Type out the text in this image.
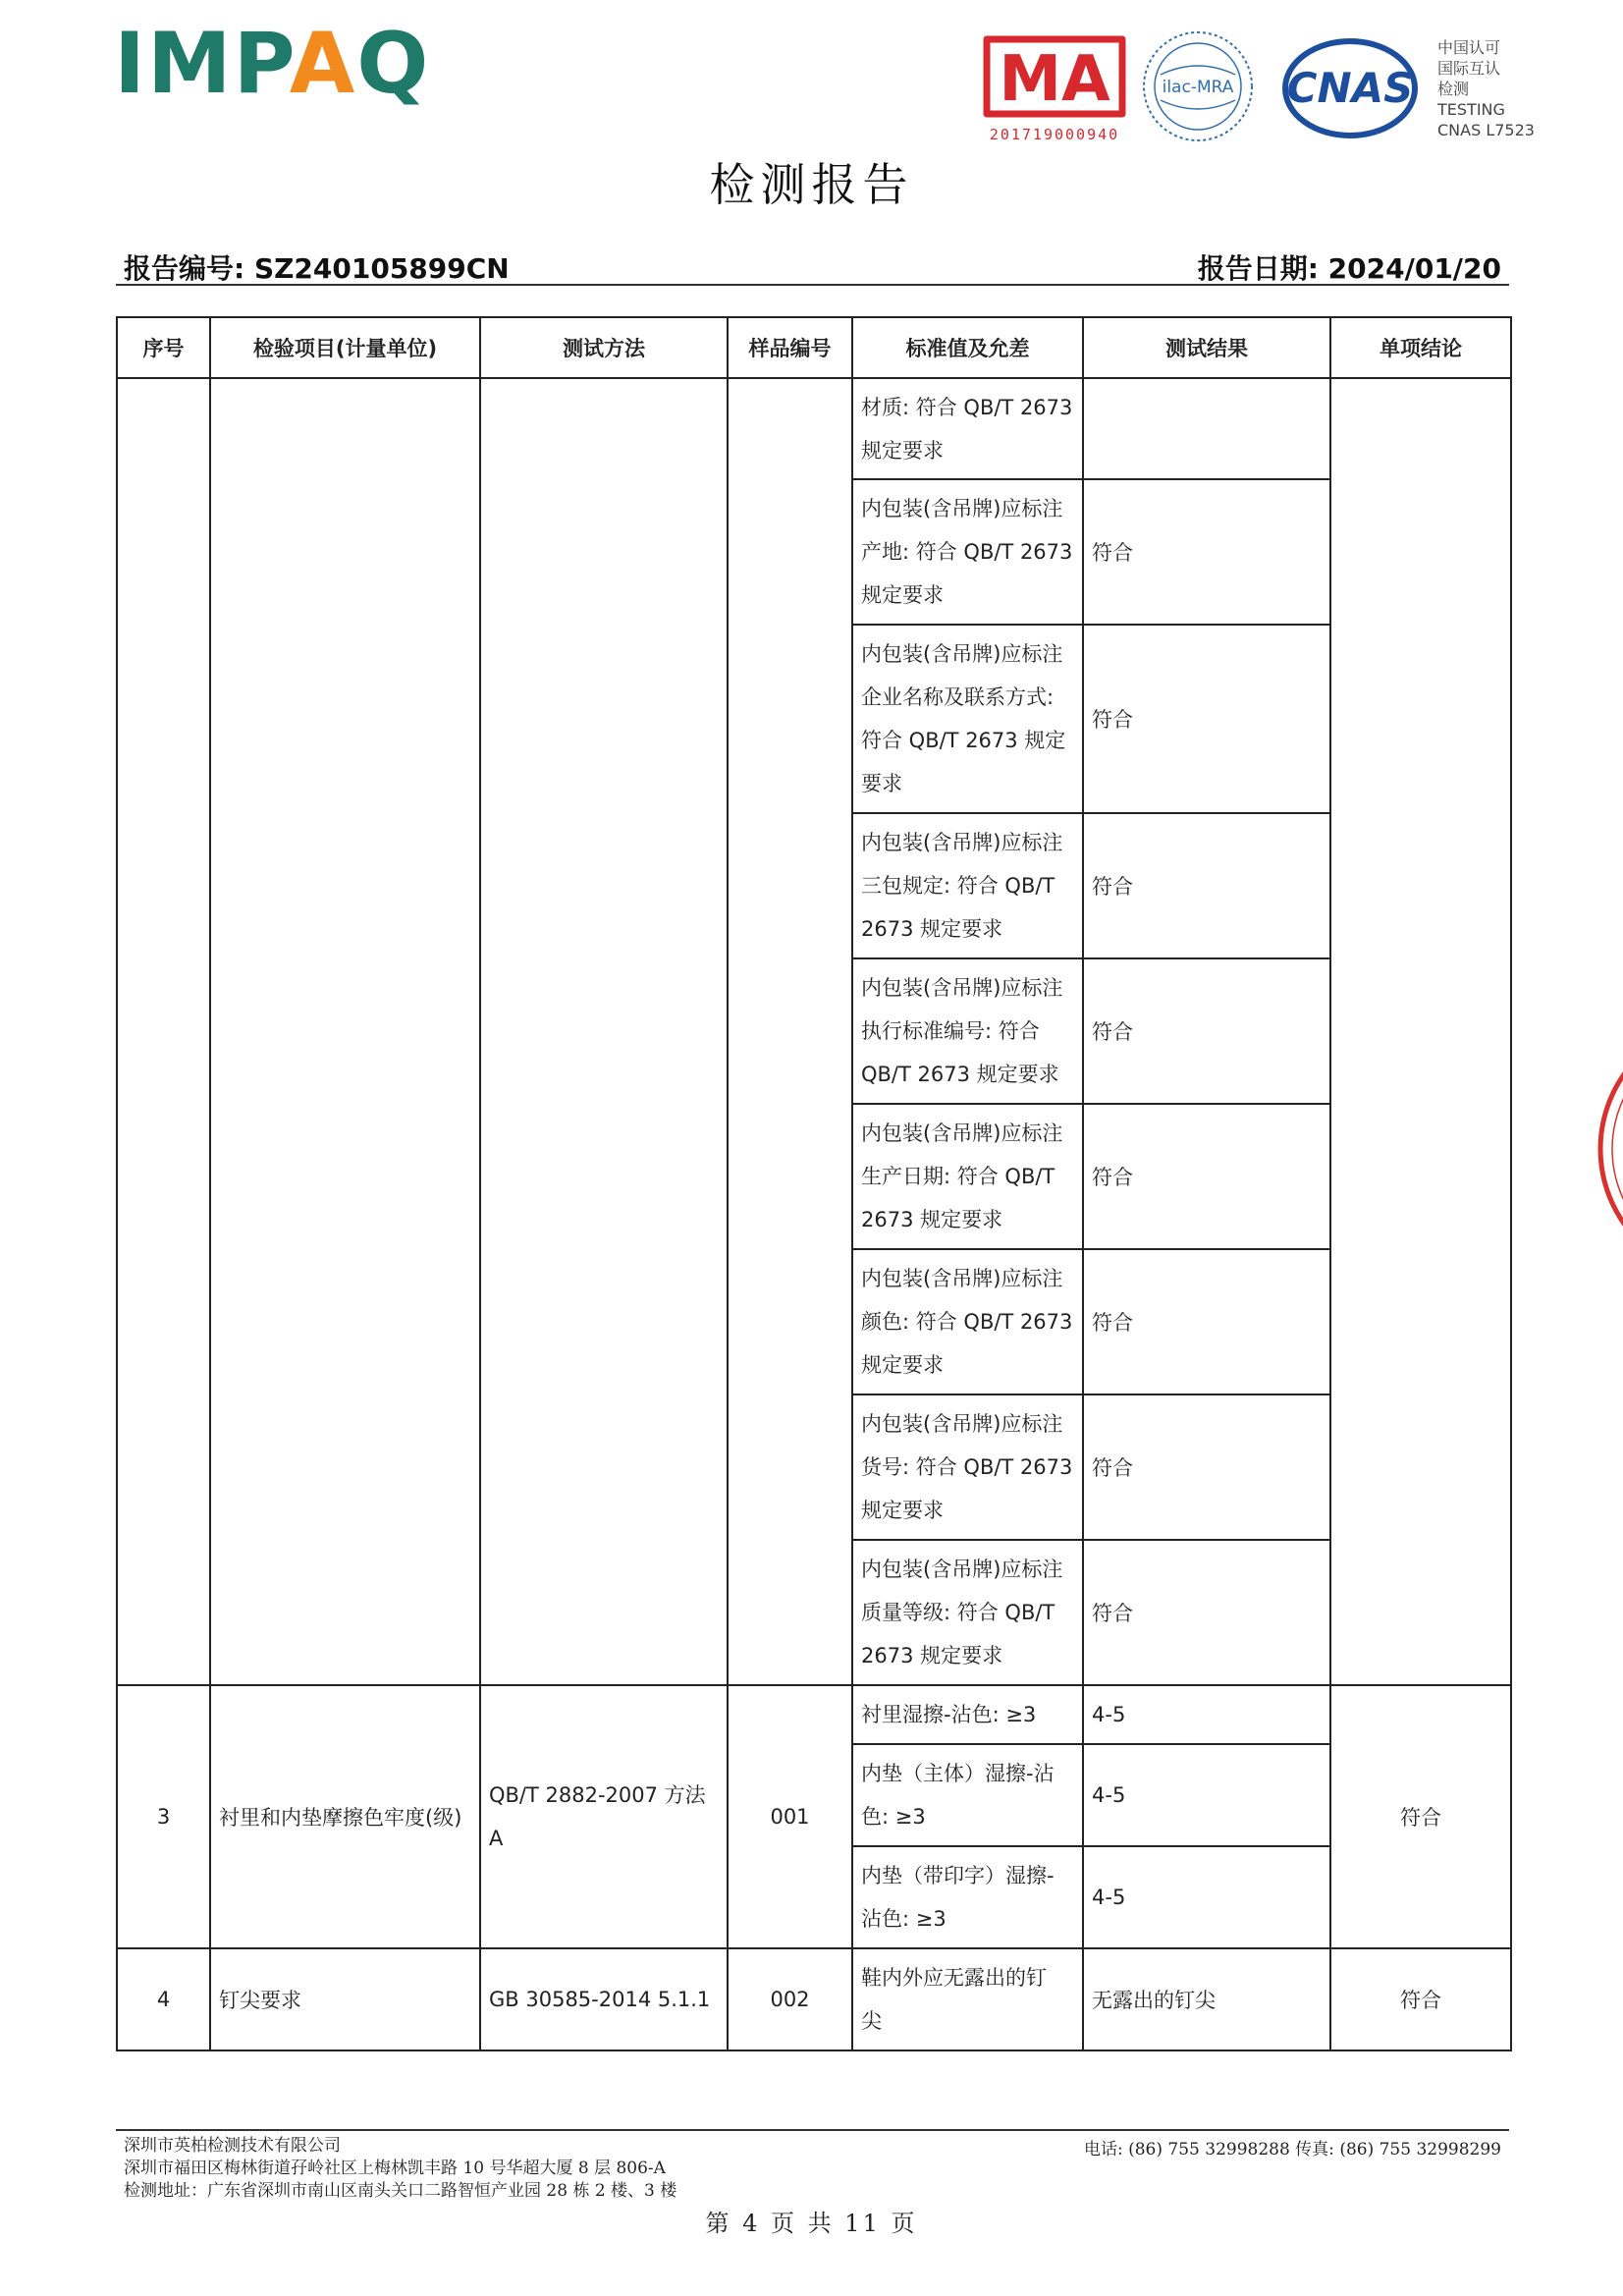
IMPAQ	MA
201719000940
ilac-MRA CNAS
中国认可
国际互认
检测
TESTING
CNAS L7523
检测报告
报告编号: SZ240105899CN	报告日期: 2024/01/20
序号	检验项目(计量单位)	测试方法	样品编号	标准值及允差	测试结果	单项结论

				材质: 符合 QB/T 2673
规定要求		

				内包装(含吊牌)应标注
产地: 符合 QB/T 2673
规定要求	符合	

				内包装(含吊牌)应标注
企业名称及联系方式:
符合 QB/T 2673 规定
要求	符合	

				内包装(含吊牌)应标注
三包规定: 符合 QB/T
2673 规定要求	符合	

				内包装(含吊牌)应标注
执行标准编号: 符合
QB/T 2673 规定要求	符合	

				内包装(含吊牌)应标注
生产日期: 符合 QB/T
2673 规定要求	符合	

				内包装(含吊牌)应标注
颜色: 符合 QB/T 2673
规定要求	符合	

				内包装(含吊牌)应标注
货号: 符合 QB/T 2673
规定要求	符合	

				内包装(含吊牌)应标注
质量等级: 符合 QB/T
2673 规定要求	符合	
3	衬里和内垫摩擦色牢度(级)	QB/T 2882-2007 方法
A	001	衬里湿擦-沾色: ≥3	4-5	符合

				内垫（主体）湿擦-沾
色: ≥3	4-5	

				内垫（带印字）湿擦-
沾色: ≥3	4-5	
4	钉尖要求	GB 30585-2014 5.1.1	002	鞋内外应无露出的钉
尖	无露出的钉尖	符合
深圳市英柏检测技术有限公司
深圳市福田区梅林街道孖岭社区上梅林凯丰路 10 号华超大厦 8 层 806-A
检测地址：广东省深圳市南山区南头关口二路智恒产业园 28 栋 2 楼、3 楼
电话: (86) 755 32998288 传真: (86) 755 32998299
第 4 页 共 11 页
